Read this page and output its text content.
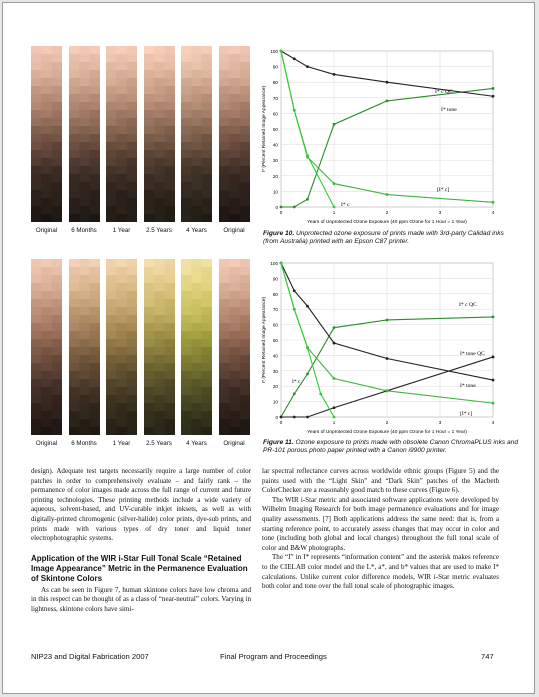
Original 6 Months	1 Year	2.5 Years 4 Years	Original
0
10
20
30
40
50
60
70
80
90
100
0	1	2	3	4
Years of Unprotected Ozone Exposure (40 ppm Ozone for 1 Hour = 1 Year)
I* (Percent Retained Image Appearance)	I* c QC
I* tone
[I* c]
I* c
Figure 10. Unprotected ozone exposure of prints made with 3rd-party Calidad inks (from Australia) printed with an Epson C87 printer.
Original 6 Months	1 Year	2.5 Years 4 Years	Original
0
10
20
30
40
50
60
70
80
90
100
0	1	2	3	4
Years of Unprotected Ozone Exposure (40 ppm Ozone for 1 Hour = 1 Year)
I* (Percent Retained Image Appearance)	I* c QC
I* tone QC
I* tone
I* c
[I* c]
Figure 11. Ozone exposure to prints made with obsolete Canon ChromaPLUS inks and PR-101 porous photo paper printed with a Canon i9900 printer.

design). Adequate test targets necessarily require a large number of color patches in order to comprehensively evaluate – and fairly rank – the permanence of color images made across the full range of current and future printing technologies. These printing methods include a wide variety of aqueous, solvent-based, and UV-curable inkjet inksets, as well as with digitally-printed chromogenic (silver-halide) color prints, dye-sub prints, and prints made with various types of dry toner and liquid toner electrophotographic systems.

Application of the WIR i-Star Full Tonal Scale “Retained Image Appearance” Metric in the Permanence Evaluation of Skintone Colors

As can be seen in Figure 7, human skintone colors have low chroma and in this respect can be thought of as a class of “near-neutral” colors. Varying in lightness, skintone colors have simi-

lar spectral reflectance curves across worldwide ethnic groups (Figure 5) and the paints used with the “Light Skin” and “Dark Skin” patches of the Macbeth ColorChecker are a reasonably good match to these curves (Figure 6).

The WIR i-Star metric and associated software applications were developed by Wilhelm Imaging Research for both image permanence evaluations and for image quality assessments. [7] Both applications address the same need: that is, from a starting reference point, to accurately assess changes that may occur in color and tone (including both global and local changes) throughout the full tonal scale of color and B&W photographs.

The “I” in I* represents “information content” and the asterisk makes reference to the CIELAB color model and the L*, a*, and b* values that are used to make I* calculations. Unlike current color difference models, WIR i-Star metric evaluates both color and tone over the full tonal scale of photographic images.

NIP23 and Digital Fabrication 2007	Final Program and Proceedings	747
